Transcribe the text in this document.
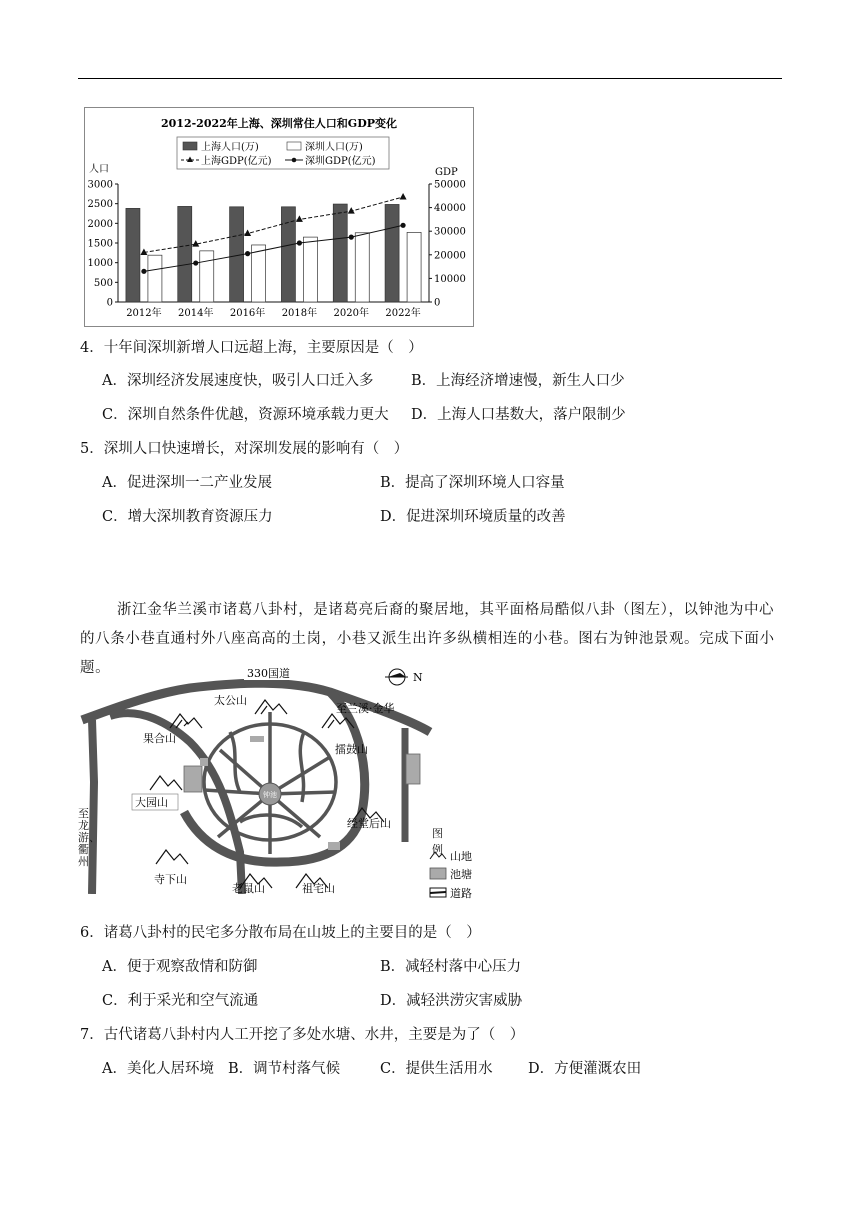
2012-2022年上海、深圳常住人口和GDP变化
上海人口(万)	深圳人口(万)
上海GDP(亿元)	深圳GDP(亿元)
人口	GDP
0
500
1000
1500
2000
2500
3000
0
10000
20000
30000
40000
50000
2012年 2014年 2016年 2018年 2020年 2022年
4．十年间深圳新增人口远超上海，主要原因是（　）
A．深圳经济发展速度快，吸引人口迁入多	B．上海经济增速慢，新生人口少
C．深圳自然条件优越，资源环境承载力更大 D．上海人口基数大，落户限制少
5．深圳人口快速增长，对深圳发展的影响有（　）
A．促进深圳一二产业发展	B．提高了深圳环境人口容量
C．增大深圳教育资源压力	D．促进深圳环境质量的改善
浙江金华兰溪市诸葛八卦村，是诸葛亮后裔的聚居地，其平面格局酷似八卦（图左），以钟池为中心的八条小巷直通村外八座高高的土岗，小巷又派生出许多纵横相连的小巷。图右为钟池景观。完成下面小题。
钟池
330国道
太公山
果合山
擂鼓山
大园山
经堂后山
寺下山
老鼠山	祖宅山
至兰溪·金华
N
至龙游、衢州
图例
山地
池塘
道路
6．诸葛八卦村的民宅多分散布局在山坡上的主要目的是（　）
A．便于观察敌情和防御	B．减轻村落中心压力
C．利于采光和空气流通	D．减轻洪涝灾害威胁
7．古代诸葛八卦村内人工开挖了多处水塘、水井，主要是为了（　）
A．美化人居环境 B．调节村落气候	C．提供生活用水 D．方便灌溉农田
